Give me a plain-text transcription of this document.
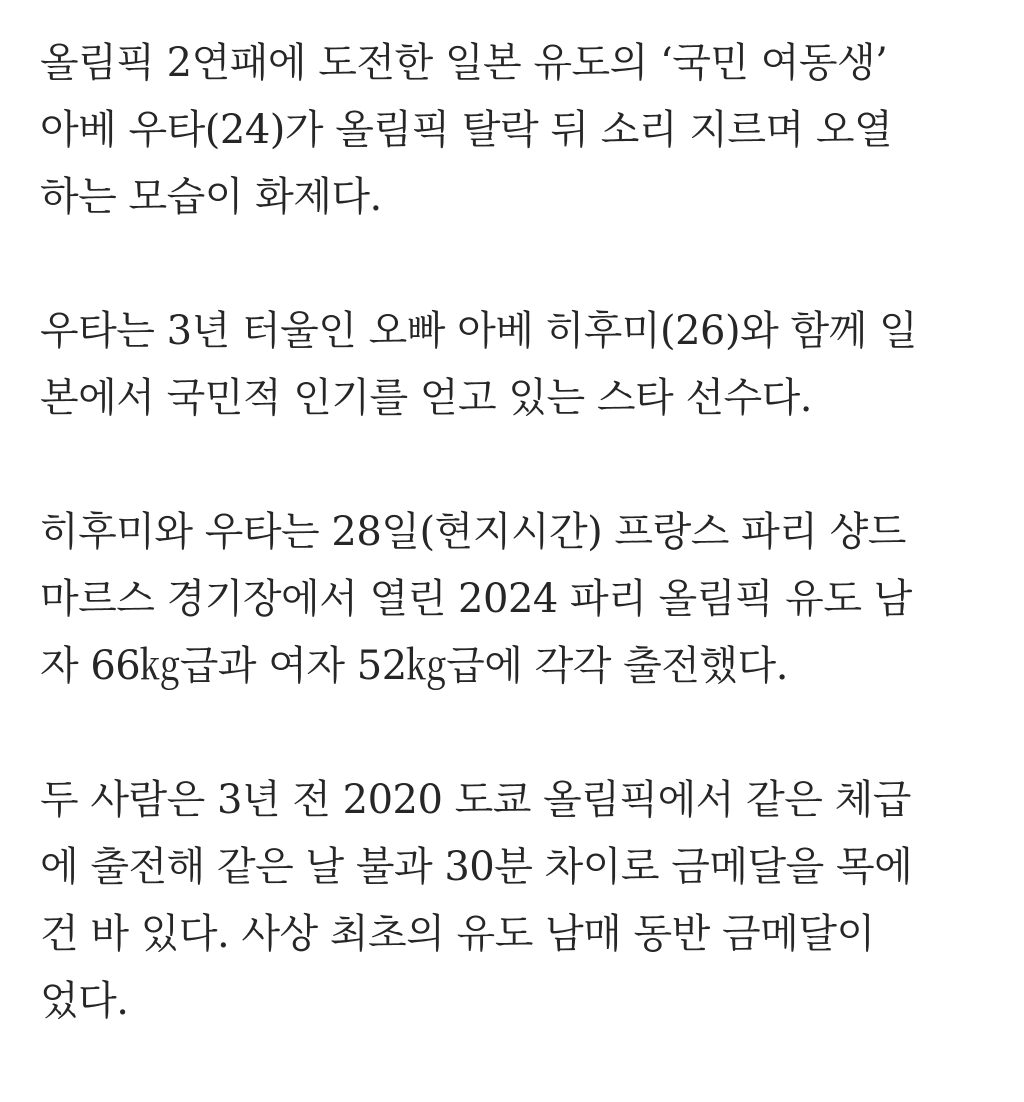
올림픽 2연패에 도전한 일본 유도의 ‘국민 여동생’
아베 우타(24)가 올림픽 탈락 뒤 소리 지르며 오열
하는 모습이 화제다.

우타는 3년 터울인 오빠 아베 히후미(26)와 함께 일
본에서 국민적 인기를 얻고 있는 스타 선수다.

히후미와 우타는 28일(현지시간) 프랑스 파리 샹드
마르스 경기장에서 열린 2024 파리 올림픽 유도 남
자 66㎏급과 여자 52㎏급에 각각 출전했다.

두 사람은 3년 전 2020 도쿄 올림픽에서 같은 체급
에 출전해 같은 날 불과 30분 차이로 금메달을 목에
건 바 있다. 사상 최초의 유도 남매 동반 금메달이
었다.
